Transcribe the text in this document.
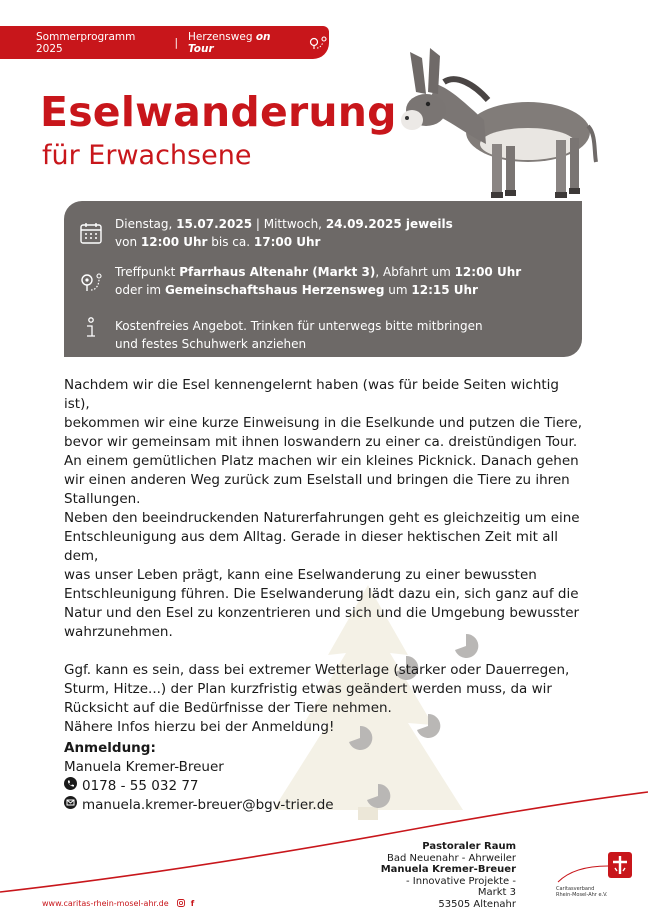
Sommerprogramm 2025	| Herzensweg on Tour
Eselwanderung
für Erwachsene
Dienstag, 15.07.2025 | Mittwoch, 24.09.2025 jeweils
von 12:00 Uhr bis ca. 17:00 Uhr
Treffpunkt Pfarrhaus Altenahr (Markt 3), Abfahrt um 12:00 Uhr
oder im Gemeinschaftshaus Herzensweg um 12:15 Uhr
Kostenfreies Angebot. Trinken für unterwegs bitte mitbringen
und festes Schuhwerk anziehen

Nachdem wir die Esel kennengelernt haben (was für beide Seiten wichtig ist),
bekommen wir eine kurze Einweisung in die Eselkunde und putzen die Tiere,
bevor wir gemeinsam mit ihnen loswandern zu einer ca. dreistündigen Tour.
An einem gemütlichen Platz machen wir ein kleines Picknick. Danach gehen
wir einen anderen Weg zurück zum Eselstall und bringen die Tiere zu ihren
Stallungen.
Neben den beeindruckenden Naturerfahrungen geht es gleichzeitig um eine
Entschleunigung aus dem Alltag. Gerade in dieser hektischen Zeit mit all dem,
was unser Leben prägt, kann eine Eselwanderung zu einer bewussten
Entschleunigung führen. Die Eselwanderung lädt dazu ein, sich ganz auf die
Natur und den Esel zu konzentrieren und sich und die Umgebung bewusster
wahrzunehmen.

Ggf. kann es sein, dass bei extremer Wetterlage (starker oder Dauerregen,
Sturm, Hitze...) der Plan kurzfristig etwas geändert werden muss, da wir
Rücksicht auf die Bedürfnisse der Tiere nehmen.
Nähere Infos hierzu bei der Anmeldung!

Anmeldung:
Manuela Kremer-Breuer
0178 - 55 032 77
manuela.kremer-breuer@bgv-trier.de
Pastoraler Raum
Bad Neuenahr - Ahrweiler
Manuela Kremer-Breuer
- Innovative Projekte -
Markt 3
53505 Altenahr
Caritasverband
Rhein-Mosel-Ahr e.V.
www.caritas-rhein-mosel-ahr.de	f
